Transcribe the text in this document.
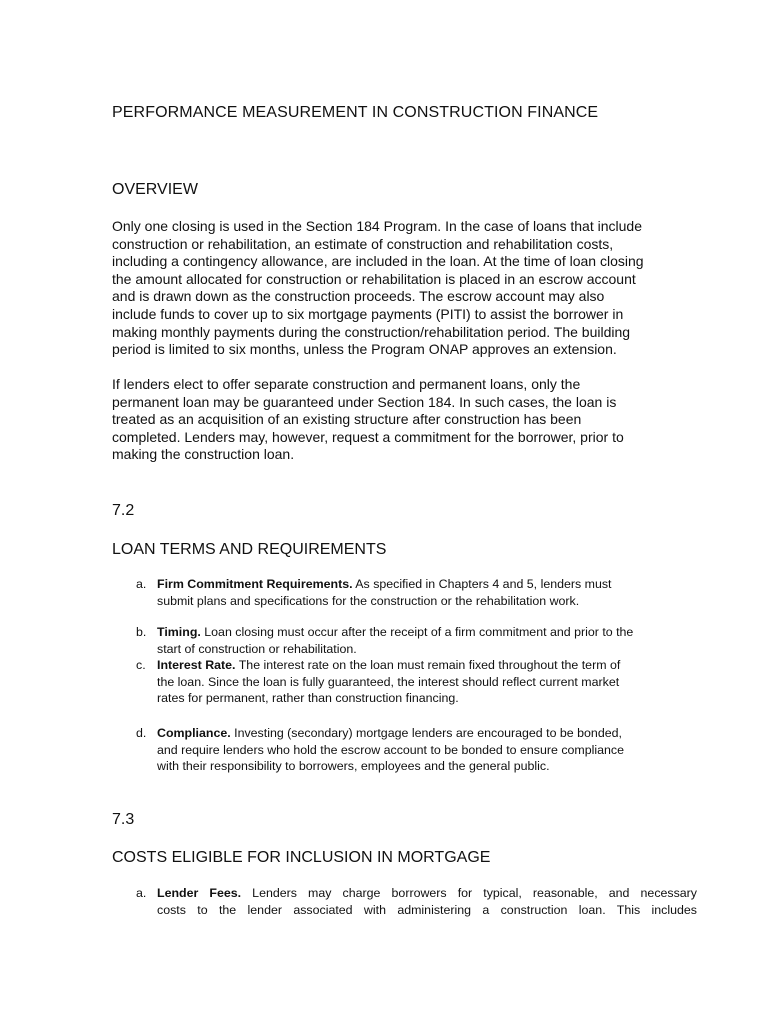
PERFORMANCE MEASUREMENT IN CONSTRUCTION FINANCE
OVERVIEW

Only one closing is used in the Section 184 Program. In the case of loans that include
construction or rehabilitation, an estimate of construction and rehabilitation costs,
including a contingency allowance, are included in the loan. At the time of loan closing
the amount allocated for construction or rehabilitation is placed in an escrow account
and is drawn down as the construction proceeds. The escrow account may also
include funds to cover up to six mortgage payments (PITI) to assist the borrower in
making monthly payments during the construction/rehabilitation period. The building
period is limited to six months, unless the Program ONAP approves an extension.

If lenders elect to offer separate construction and permanent loans, only the
permanent loan may be guaranteed under Section 184. In such cases, the loan is
treated as an acquisition of an existing structure after construction has been
completed. Lenders may, however, request a commitment for the borrower, prior to
making the construction loan.

7.2
LOAN TERMS AND REQUIREMENTS
a. Firm Commitment Requirements. As specified in Chapters 4 and 5, lenders must
submit plans and specifications for the construction or the rehabilitation work.
b. Timing. Loan closing must occur after the receipt of a firm commitment and prior to the
start of construction or rehabilitation.
c. Interest Rate. The interest rate on the loan must remain fixed throughout the term of
the loan. Since the loan is fully guaranteed, the interest should reflect current market
rates for permanent, rather than construction financing.
d. Compliance. Investing (secondary) mortgage lenders are encouraged to be bonded,
and require lenders who hold the escrow account to be bonded to ensure compliance
with their responsibility to borrowers, employees and the general public.
7.3
COSTS ELIGIBLE FOR INCLUSION IN MORTGAGE
a. Lender Fees. Lenders may charge borrowers for typical, reasonable, and necessary
costs to the lender associated with administering a construction loan. This includes
